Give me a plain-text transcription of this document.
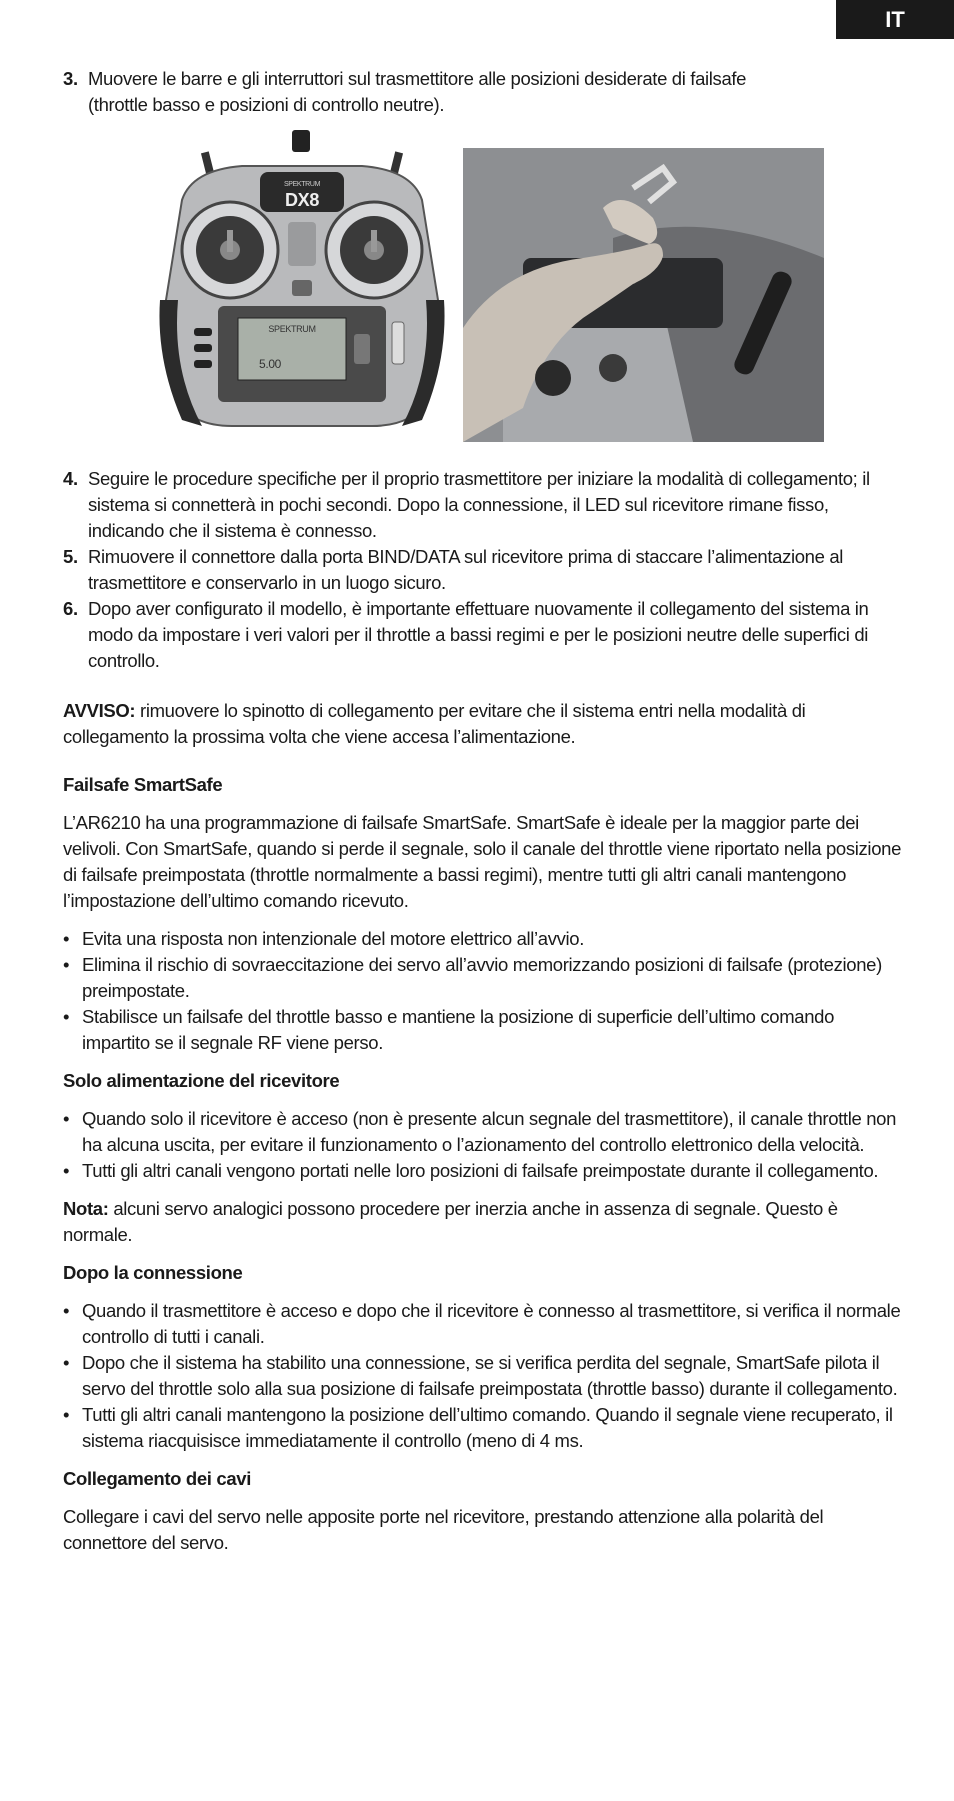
IT
3. Muovere le barre e gli interruttori sul trasmettitore alle posizioni desiderate di failsafe
(throttle basso e posizioni di controllo neutre).
SPEKTRUM
DX8
SPEKTRUM
5.00
4. Seguire le procedure specifiche per il proprio trasmettitore per iniziare la modalità di collegamento; il sistema si connetterà in pochi secondi. Dopo la connessione, il LED sul ricevitore rimane fisso, indicando che il sistema è connesso.
5. Rimuovere il connettore dalla porta BIND/DATA sul ricevitore prima di staccare l’alimentazione al trasmettitore e conservarlo in un luogo sicuro.
6. Dopo aver configurato il modello, è importante effettuare nuovamente il collegamento del sistema in modo da impostare i veri valori per il throttle a bassi regimi e per le posizioni neutre delle superfici di controllo.

AVVISO: rimuovere lo spinotto di collegamento per evitare che il sistema entri nella modalità di collegamento la prossima volta che viene accesa l’alimentazione.

Failsafe SmartSafe

L’AR6210 ha una programmazione di failsafe SmartSafe. SmartSafe è ideale per la maggior parte dei velivoli. Con SmartSafe, quando si perde il segnale, solo il canale del throttle viene riportato nella posizione di failsafe preimpostata (throttle normalmente a bassi regimi), mentre tutti gli altri canali mantengono l’impostazione dell’ultimo comando ricevuto.

• Evita una risposta non intenzionale del motore elettrico all’avvio.
• Elimina il rischio di sovraeccitazione dei servo all’avvio memorizzando posizioni di failsafe (protezione) preimpostate.
• Stabilisce un failsafe del throttle basso e mantiene la posizione di superficie dell’ultimo comando impartito se il segnale RF viene perso.
Solo alimentazione del ricevitore
• Quando solo il ricevitore è acceso (non è presente alcun segnale del trasmettitore), il canale throttle non ha alcuna uscita, per evitare il funzionamento o l’azionamento del controllo elettronico della velocità.
• Tutti gli altri canali vengono portati nelle loro posizioni di failsafe preimpostate durante il collegamento.

Nota: alcuni servo analogici possono procedere per inerzia anche in assenza di segnale. Questo è normale.

Dopo la connessione
• Quando il trasmettitore è acceso e dopo che il ricevitore è connesso al trasmettitore, si verifica il normale controllo di tutti i canali.
• Dopo che il sistema ha stabilito una connessione, se si verifica perdita del segnale, SmartSafe pilota il servo del throttle solo alla sua posizione di failsafe preimpostata (throttle basso) durante il collegamento.
• Tutti gli altri canali mantengono la posizione dell’ultimo comando. Quando il segnale viene recuperato, il sistema riacquisisce immediatamente il controllo (meno di 4 ms.
Collegamento dei cavi

Collegare i cavi del servo nelle apposite porte nel ricevitore, prestando attenzione alla polarità del connettore del servo.
